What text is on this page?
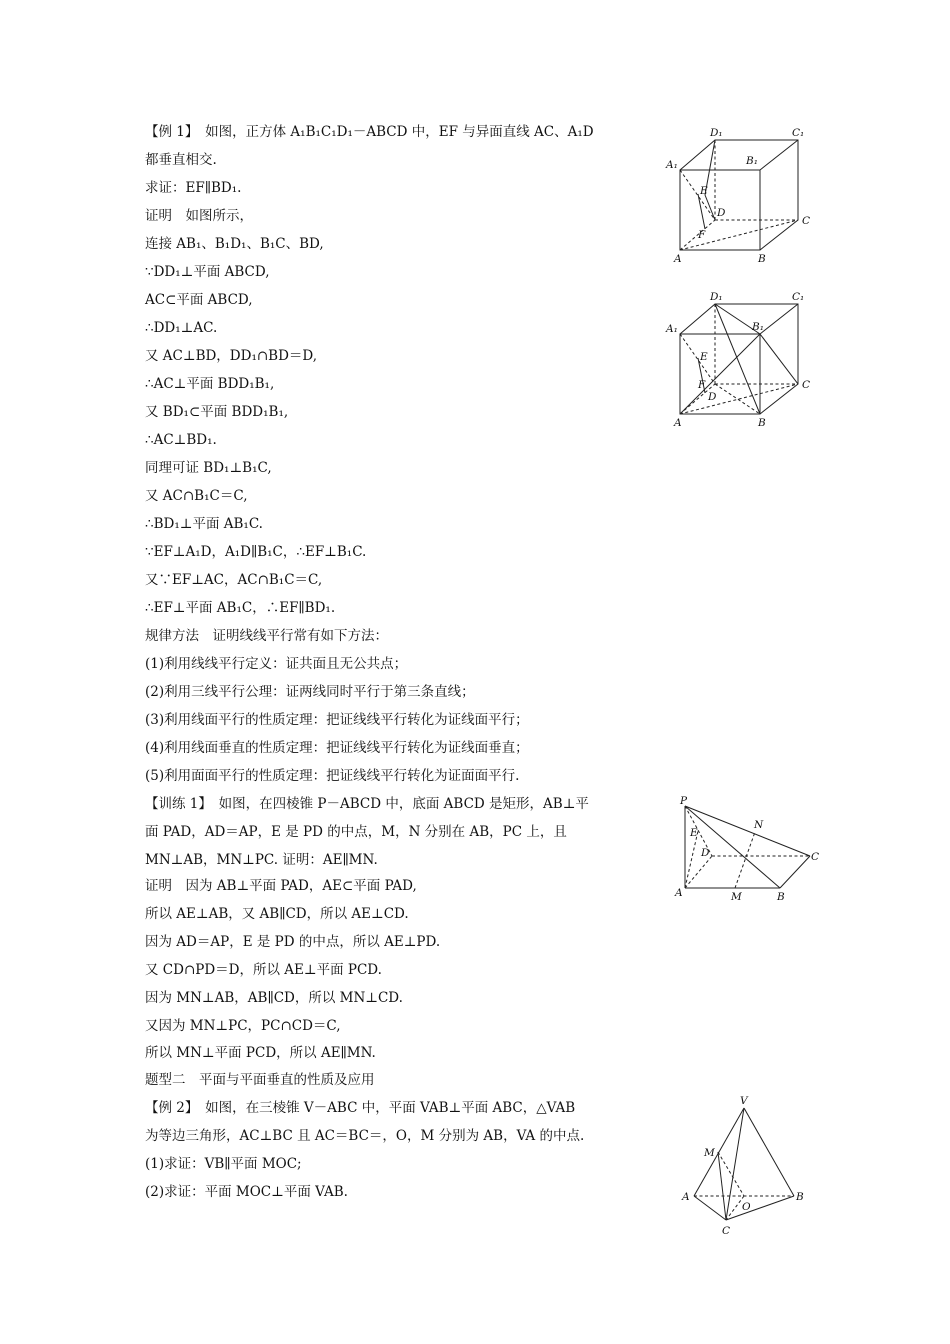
【例 1】　如图，正方体 A₁B₁C₁D₁－ABCD 中，EF 与异面直线 AC、A₁D
都垂直相交.
求证：EF∥BD₁.
证明　如图所示，
连接 AB₁、B₁D₁、B₁C、BD,
∵DD₁⊥平面 ABCD,
AC⊂平面 ABCD,
∴DD₁⊥AC.
又 AC⊥BD，DD₁∩BD＝D,
∴AC⊥平面 BDD₁B₁,
又 BD₁⊂平面 BDD₁B₁,
∴AC⊥BD₁.
同理可证 BD₁⊥B₁C,
又 AC∩B₁C＝C,
∴BD₁⊥平面 AB₁C.
∵EF⊥A₁D，A₁D∥B₁C，∴EF⊥B₁C.
又∵EF⊥AC，AC∩B₁C＝C,
∴EF⊥平面 AB₁C，∴EF∥BD₁.
规律方法　证明线线平行常有如下方法：
(1)利用线线平行定义：证共面且无公共点；
(2)利用三线平行公理：证两线同时平行于第三条直线；
(3)利用线面平行的性质定理：把证线线平行转化为证线面平行；
(4)利用线面垂直的性质定理：把证线线平行转化为证线面垂直；
(5)利用面面平行的性质定理：把证线线平行转化为证面面平行.
【训练 1】　如图，在四棱锥 P－ABCD 中，底面 ABCD 是矩形，AB⊥平
面 PAD，AD＝AP，E 是 PD 的中点，M，N 分别在 AB，PC 上，且
MN⊥AB，MN⊥PC. 证明：AE∥MN.
证明　因为 AB⊥平面 PAD，AE⊂平面 PAD,
所以 AE⊥AB，又 AB∥CD，所以 AE⊥CD.
因为 AD＝AP，E 是 PD 的中点，所以 AE⊥PD.
又 CD∩PD＝D，所以 AE⊥平面 PCD.
因为 MN⊥AB，AB∥CD，所以 MN⊥CD.
又因为 MN⊥PC，PC∩CD＝C,
所以 MN⊥平面 PCD，所以 AE∥MN.
题型二　平面与平面垂直的性质及应用
【例 2】　如图，在三棱锥 V－ABC 中，平面 VAB⊥平面 ABC，△VAB
为等边三角形，AC⊥BC 且 AC＝BC＝，O，M 分别为 AB，VA 的中点.
(1)求证：VB∥平面 MOC;
(2)求证：平面 MOC⊥平面 VAB.
D₁	C₁
A₁	B₁
E
D
F
C
A	B
D₁	C₁
A₁	B₁
E
D
F	C
A	B
P
N
E
D	C
A	M	B
V
M
A
O
B
C
